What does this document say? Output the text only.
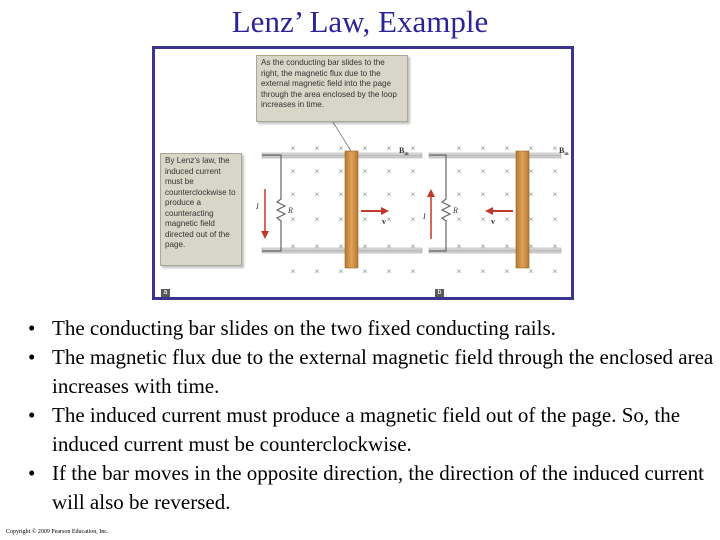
Lenz’ Law, Example
× × × × × ×
× × × × × ×
× × × × × ×
× × × × × ×
× × × × × ×
× × × × × ×
× × × × ×
× × × × ×
× × × × ×
× × × × ×
× × × × ×
× × × × ×
$B_{in}$	$B_{in}$
R	R
I
I
v	v
As the conducting bar slides to the right, the magnetic flux due to the external magnetic field into the page through the area enclosed by the loop increases in time.
By Lenz’s law, the induced current must be counterclockwise to produce a counteracting magnetic field directed out of the page.
a	b
• The conducting bar slides on the two fixed conducting rails.
• The magnetic flux due to the external magnetic field through the enclosed area increases with time.
• The induced current must produce a magnetic field out of the page. So, the induced current must be counterclockwise.
• If the bar moves in the opposite direction, the direction of the induced current will also be reversed.
Copyright © 2009 Pearson Education, Inc.
